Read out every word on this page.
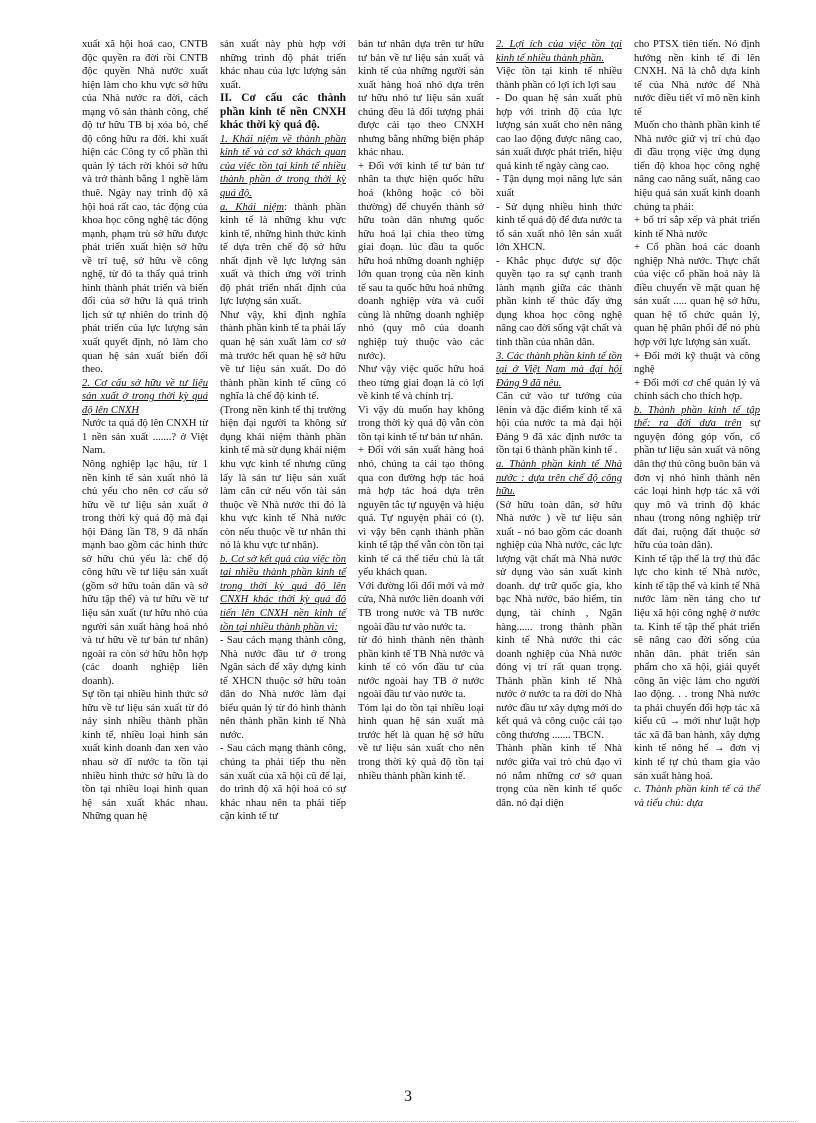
xuất xã hội hoá cao, CNTB độc quyền ra đời rồi CNTB độc quyền Nhà nước xuất hiện làm cho khu vực sở hữu của Nhà nước ra đời, cách mạng vô sản thành công, chế độ tư hữu TB bị xóa bỏ, chế độ công hữu ra đời. khi xuất hiện các Công ty cổ phần thì quản lý tách rời khỏi sở hữu và trở thành bằng 1 nghề làm thuê. Ngày nay trình độ xã hội hoá rất cao, tác động của khoa học công nghệ tác động mạnh, phạm trù sở hữu được phát triển xuất hiện sở hữu về trí tuệ, sở hữu về công nghệ, từ đó ta thấy quá trình hình thành phát triển và biến đổi của sở hữu là quá trình lịch sử tự nhiên do trình độ phát triển của lực lượng sản xuất quyết định, nó làm cho quan hệ sản xuất biến đổi theo.

2. Cơ cấu sở hữu về tư liệu sản xuất ở trong thời kỳ quá độ lên CNXH

Nước ta quá độ lên CNXH từ 1 nền sản xuất .......? ở Việt Nam.

Nông nghiệp lạc hậu, từ 1 nền kinh tế sản xuất nhỏ là chủ yếu cho nên cơ cấu sở hữu về tư liệu sản xuất ở trong thời kỳ quá độ mà đại hội Đảng lần T8, 9 đã nhấn mạnh bao gồm các hình thức sở hữu chủ yếu là: chế độ công hữu về tư liệu sản xuất (gồm sở hữu toàn dân và sở hữu tập thể) và tư hữu về tư liệu sản xuất (tư hữu nhỏ của người sản xuất hàng hoá nhỏ và tư hữu về tư bản tư nhân) ngoài ra còn sở hữu hỗn hợp (các doanh nghiệp liên doanh).

Sự tồn tại nhiều hình thức sở hữu về tư liệu sản xuất từ đó nảy sinh nhiều thành phần kinh tế, nhiều loại hình sản xuất kinh doanh đan xen vào nhau sở dĩ nước ta tồn tại nhiều hình thức sở hữu là do tồn tại nhiều loại hình quan hệ sản xuất khác nhau. Những quan hệ

sản xuất này phù hợp với những trình độ phát triển khác nhau của lực lượng sản xuất.

II. Cơ cấu các thành phần kinh tế nền CNXH khác thời kỳ quá độ.

1. Khái niệm về thành phần kinh tế và cơ sở khách quan của việc tồn tại kinh tế nhiều thành phần ở trong thời kỳ quá độ.

a. Khái niệm: thành phần kinh tế là những khu vực kinh tế, những hình thức kinh tế dựa trên chế độ sở hữu nhất định về lực lượng sản xuất và thích ứng với trình độ phát triển nhất định của lực lượng sản xuất.

Như vậy, khi định nghĩa thành phần kinh tế ta phải lấy quan hệ sản xuất làm cơ sở mà trước hết quan hệ sở hữu về tư liệu sản xuất. Do đó thành phần kinh tế cũng có nghĩa là chế độ kinh tế.

(Trong nền kinh tế thị trường hiện đại người ta không sử dụng khái niệm thành phần kinh tế mà sử dụng khái niệm khu vực kinh tế nhưng cũng lấy là sản tư liệu sản xuất làm căn cứ nếu vốn tài sản thuộc về Nhà nước thì đó là khu vực kinh tế Nhà nước còn nếu thuộc về tư nhân thì nó là khu vực tư nhân).

b. Cơ sở kết quả của việc tồn tại nhiều thành phần kinh tế trong thời kỳ quá độ lên CNXH khác thời kỳ quá độ tiến lên CNXH nền kinh tế tồn tại nhiều thành phần vì:

- Sau cách mạng thành công, Nhà nước đầu tư ở trong Ngân sách để xây dựng kinh tế XHCN thuộc sở hữu toàn dân do Nhà nước làm đại biểu quản lý từ đó hình thành nên thành phần kinh tế Nhà nước.

- Sau cách mạng thành công, chúng ta phải tiếp thu nền sản xuất của xã hội cũ để lại, do trình độ xã hội hoá có sự khác nhau nên ta phải tiếp cận kinh tế tư

bản tư nhân dựa trên tư hữu tư bản về tư liệu sản xuất và kinh tế của những người sản xuất hàng hoá nhỏ dựa trên tư hữu nhỏ tư liệu sản xuất chúng đều là đối tượng phải được cải tạo theo CNXH nhưng bằng những biện pháp khác nhau.

+ Đối với kinh tế tư bản tư nhân ta thực hiện quốc hữu hoá (không hoặc có bồi thường) để chuyển thành sở hữu toàn dân nhưng quốc hữu hoá lại chia theo từng giai đoạn. lúc đầu ta quốc hữu hoá những doanh nghiệp lớn quan trọng của nền kinh tế sau ta quốc hữu hoá những doanh nghiệp vừa và cuối cùng là những doanh nghiệp nhỏ (quy mô của doanh nghiệp tuỳ thuộc vào các nước).

Như vậy việc quốc hữu hoá theo từng giai đoạn là có lợi về kinh tế và chính trị.

Vì vậy dù muốn hay không trong thời kỳ quá độ vẫn còn tồn tại kinh tế tư bản tư nhân.

+ Đối với sản xuất hàng hoá nhỏ, chúng ta cải tạo thông qua con đường hợp tác hoá mà hợp tác hoá dựa trên nguyên tắc tự nguyện và hiệu quả. Tự nguyện phải có (t). vì vậy bên cạnh thành phần kinh tế tập thể vẫn còn tồn tại kinh tế cá thể tiểu chủ là tất yếu khách quan.

Với đường lối đổi mới và mở cửa, Nhà nước liên doanh với TB trong nước và TB nước ngoài đầu tư vào nước ta.

từ đó hình thành nên thành phần kinh tế TB Nhà nước và kinh tế có vốn đầu tư của nước ngoài hay TB ở nước ngoài đầu tư vào nước ta.

Tóm lại do tồn tại nhiều loại hình quan hệ sản xuất mà trước hết là quan hệ sở hữu về tư liệu sản xuất cho nên trong thời kỳ quá độ tồn tại nhiều thành phần kinh tế.

2. Lợi ích của việc tồn tại kinh tế nhiều thành phần.

Việc tồn tại kinh tế nhiều thành phần có lợi ích lợi sau

- Do quan hệ sản xuất phù hợp với trình độ của lực lượng sản xuất cho nên nâng cao lao động được nâng cao, sản xuất được phát triển, hiệu quả kinh tế ngày càng cao.

- Tận dụng mọi năng lực sản xuất

- Sử dụng nhiều hình thức kinh tế quá độ để đưa nước ta tổ sản xuất nhỏ lên sản xuất lớn XHCN.

- Khắc phục được sự độc quyền tạo ra sự cạnh tranh lành mạnh giữa các thành phần kinh tế thúc đẩy ứng dụng khoa học công nghệ nâng cao đời sống vật chất và tinh thần của nhân dân.

3. Các thành phần kinh tế tồn tại ở Việt Nam mà đại hội Đảng 9 đã nêu.

Căn cứ vào tư tưởng của lênin và đặc điểm kinh tế xã hội của nước ta mà đại hội Đảng 9 đã xác định nước ta tồn tại 6 thành phần kinh tế .

a. Thành phần kinh tế Nhà nước : dựa trên chế độ công hữu.

(Sở hữu toàn dân, sở hữu Nhà nước ) về tư liệu sản xuất - nó bao gồm các doanh nghiệp của Nhà nước, các lực lượng vật chất mà Nhà nước sử dụng vào sản xuất kinh doanh. dự trữ quốc gia, kho bạc Nhà nước, bảo hiểm, tín dụng, tài chính , Ngân hàng...... trong thành phần kinh tế Nhà nước thì các doanh nghiệp của Nhà nước đóng vị trí rất quan trọng. Thành phần kinh tế Nhà nước ở nước ta ra đời do Nhà nước đầu tư xây dựng mới do kết quả và công cuộc cải tạo công thương ....... TBCN.

Thành phần kinh tế Nhà nước giữa vai trò chủ đạo vì nó nắm những cơ sở quan trọng của nền kinh tế quốc dân. nó đại diện

cho PTSX tiên tiến. Nó định hướng nền kinh tế đi lên CNXH. Nã là chỗ dựa kinh tế của Nhà nước để Nhà nước điều tiết vĩ mô nền kinh tế

Muốn cho thành phần kinh tế Nhà nước giữ vị trí chủ đạo đi đầu trọng việc ứng dụng tiến độ khoa học công nghệ nâng cao năng suất, năng cao hiệu quả sản xuất kinh doanh chúng ta phải:

+ bố trí sắp xếp và phát triển kinh tế Nhà nước

+ Cổ phần hoá các doanh nghiệp Nhà nước. Thực chất của việc cổ phần hoá này là điều chuyển về mặt quan hệ sản xuất ..... quan hệ sở hữu, quan hệ tổ chức quản lý, quan hệ phân phối để nó phù hợp với lực lượng sản xuất.

+ Đổi mới kỹ thuật và công nghệ

+ Đổi mới cơ chế quản lý và chính sách cho thích hợp.

b. Thành phần kinh tế tập thể: ra đời dựa trên sự nguyện đóng góp vốn, cổ phần tư liệu sản xuất và nông dân thợ thủ công buôn bán và đơn vị nhỏ hình thành nên các loại hình hợp tác xã với quy mô và trình độ khác nhau (trong nông nghiệp trừ đất đai, ruộng đất thuộc sở hữu của toàn dân).

Kinh tế tập thể là trợ thủ đắc lực cho kinh tế Nhà nước, kinh tế tập thể và kinh tế Nhà nước làm nền tảng cho tư liệu xã hội công nghệ ở nước ta. Kinh tế tập thể phát triển sẽ nâng cao đời sống của nhân dân. phát triển sản phẩm cho xã hội, giải quyết công ăn việc làm cho người lao động. . . trong Nhà nước ta phải chuyển đổi hợp tác xã kiểu cũ → mới như luật hợp tác xã đã ban hành, xây dựng kinh tế nông hế → đơn vị kinh tế tự chủ tham gia vào sản xuất hàng hoá.

c. Thành phần kinh tế cá thể và tiểu chủ: dựa

3
